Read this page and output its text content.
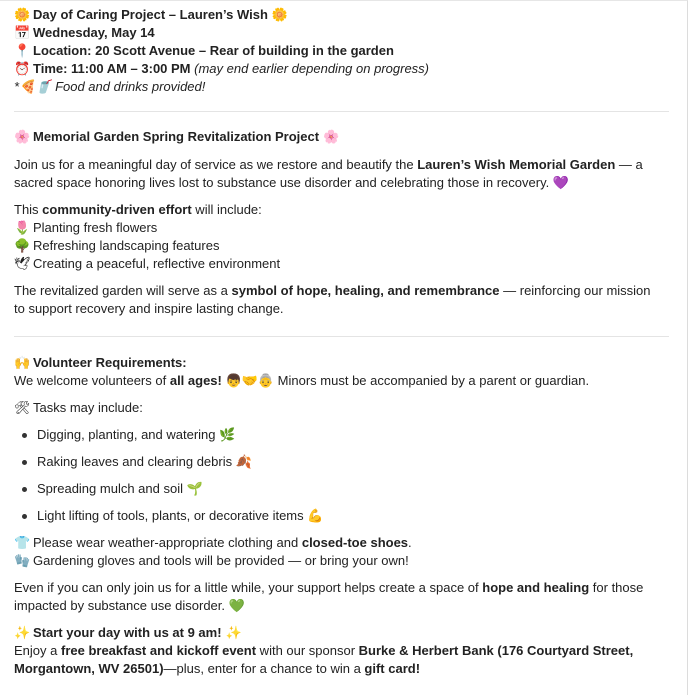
🌼 Day of Caring Project – Lauren’s Wish 🌼
📅 Wednesday, May 14
📍 Location: 20 Scott Avenue – Rear of building in the garden
⏰ Time: 11:00 AM – 3:00 PM (may end earlier depending on progress)
*🍕🥤 Food and drinks provided!
🌸 Memorial Garden Spring Revitalization Project 🌸

Join us for a meaningful day of service as we restore and beautify the Lauren’s Wish Memorial Garden — a sacred space honoring lives lost to substance use disorder and celebrating those in recovery. 💜

This community-driven effort will include:
🌷 Planting fresh flowers
🌳 Refreshing landscaping features
🕊 Creating a peaceful, reflective environment

The revitalized garden will serve as a symbol of hope, healing, and remembrance — reinforcing our mission to support recovery and inspire lasting change.

🙌 Volunteer Requirements:
We welcome volunteers of all ages! 👦🤝👵 Minors must be accompanied by a parent or guardian.
🛠 Tasks may include:
Digging, planting, and watering 🌿
Raking leaves and clearing debris 🍂
Spreading mulch and soil 🌱
Light lifting of tools, plants, or decorative items 💪
👕 Please wear weather-appropriate clothing and closed-toe shoes.
🧤 Gardening gloves and tools will be provided — or bring your own!

Even if you can only join us for a little while, your support helps create a space of hope and healing for those impacted by substance use disorder. 💚

✨ Start your day with us at 9 am! ✨

Enjoy a free breakfast and kickoff event with our sponsor Burke & Herbert Bank (176 Courtyard Street, Morgantown, WV 26501)—plus, enter for a chance to win a gift card!
